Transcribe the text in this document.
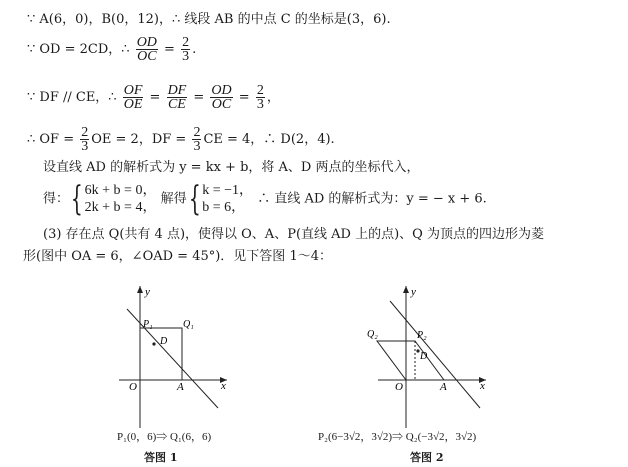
∵ A(6，0)，B(0，12)，∴ 线段 AB 的中点 C 的坐标是(3，6).
∵ OD = 2CD，∴ $\frac{OD}{OC} = \frac{2}{3}$ .
∵ DF // CE，∴ $\frac{OF}{OE} = \frac{DF}{CE} = \frac{OD}{OC} = \frac{2}{3}$ ，
∴ OF = $\frac{2}{3}$ OE = 2，DF = $\frac{2}{3}$ CE = 4，∴ D(2，4).
设直线 AD 的解析式为 y = kx + b，将 A、D 两点的坐标代入，
得：{ 6k + b = 0，
2k + b = 4，
解得{ k = −1，
b = 6，
∴ 直线 AD 的解析式为：y = − x + 6.
(3) 存在点 Q(共有 4 点)，使得以 O、A、P(直线 AD 上的点)、Q 为顶点的四边形为菱
形(图中 OA = 6，∠OAD = 45°)．见下答图 1～4：
y
x
O	A
P₁	Q₁
D
P₁(0，6)⇒ Q₁(6，6)
答图 1
y
x
O	A
P₂
Q₂
D
P₂(6−3√2，3√2)⇒ Q₂(−3√2，3√2)
答图 2
